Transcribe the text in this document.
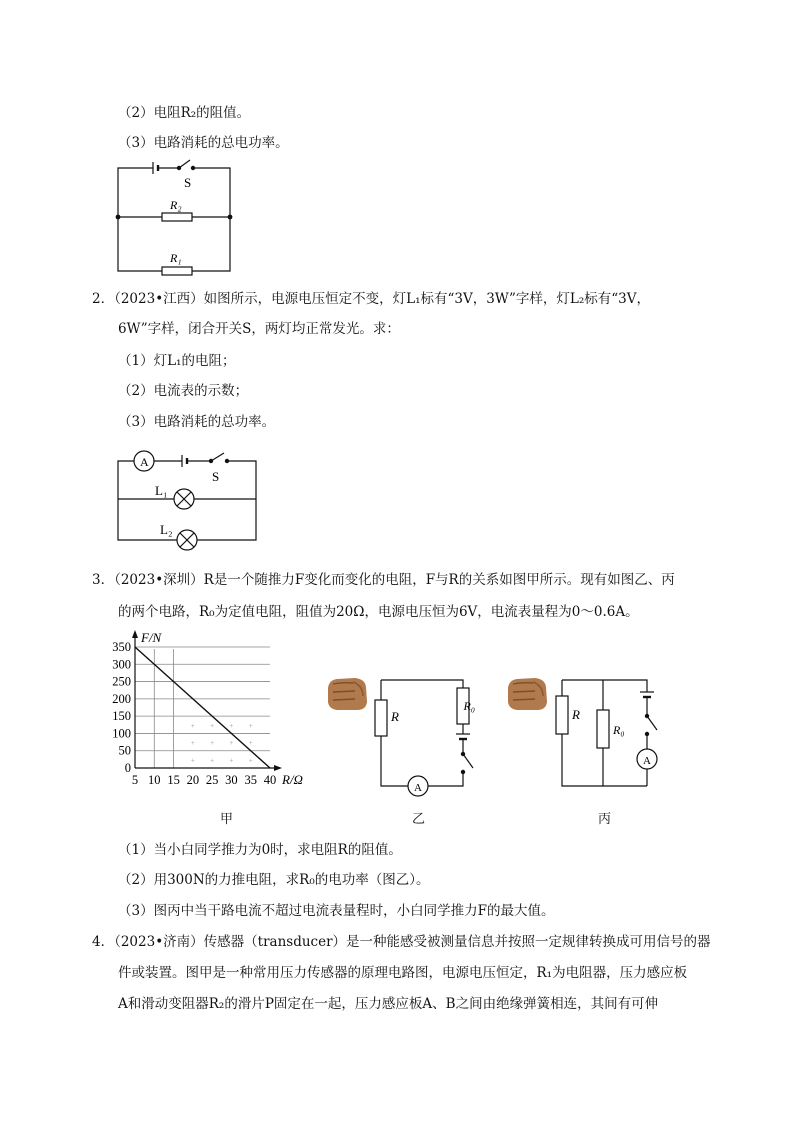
（2）电阻R₂的阻值。
（3）电路消耗的总电功率。
S
R₂
R₁
2．（2023•江西）如图所示，电源电压恒定不变，灯L₁标有“3V，3W”字样，灯L₂标有“3V，
6W”字样，闭合开关S，两灯均正常发光。求：
（1）灯L₁的电阻；
（2）电流表的示数；
（3）电路消耗的总功率。
A
S
L₁
L₂
3．（2023•深圳）R是一个随推力F变化而变化的电阻，F与R的关系如图甲所示。现有如图乙、丙
的两个电路，R₀为定值电阻，阻值为20Ω，电源电压恒为6V，电流表量程为0～0.6A。
0
50
100
150
200
250
300
350
+
+
+
+
+
+
+
+
+
+
+
+
5 10 15 20 25 30 35 40
F/N
R/Ω
甲
R
R₀
A
乙
R
R₀
A
丙
（1）当小白同学推力为0时，求电阻R的阻值。
（2）用300N的力推电阻，求R₀的电功率（图乙）。
（3）图丙中当干路电流不超过电流表量程时，小白同学推力F的最大值。
4．（2023•济南）传感器（transducer）是一种能感受被测量信息并按照一定规律转换成可用信号的器
件或装置。图甲是一种常用压力传感器的原理电路图，电源电压恒定，R₁为电阻器，压力感应板
A和滑动变阻器R₂的滑片P固定在一起，压力感应板A、B之间由绝缘弹簧相连，其间有可伸
